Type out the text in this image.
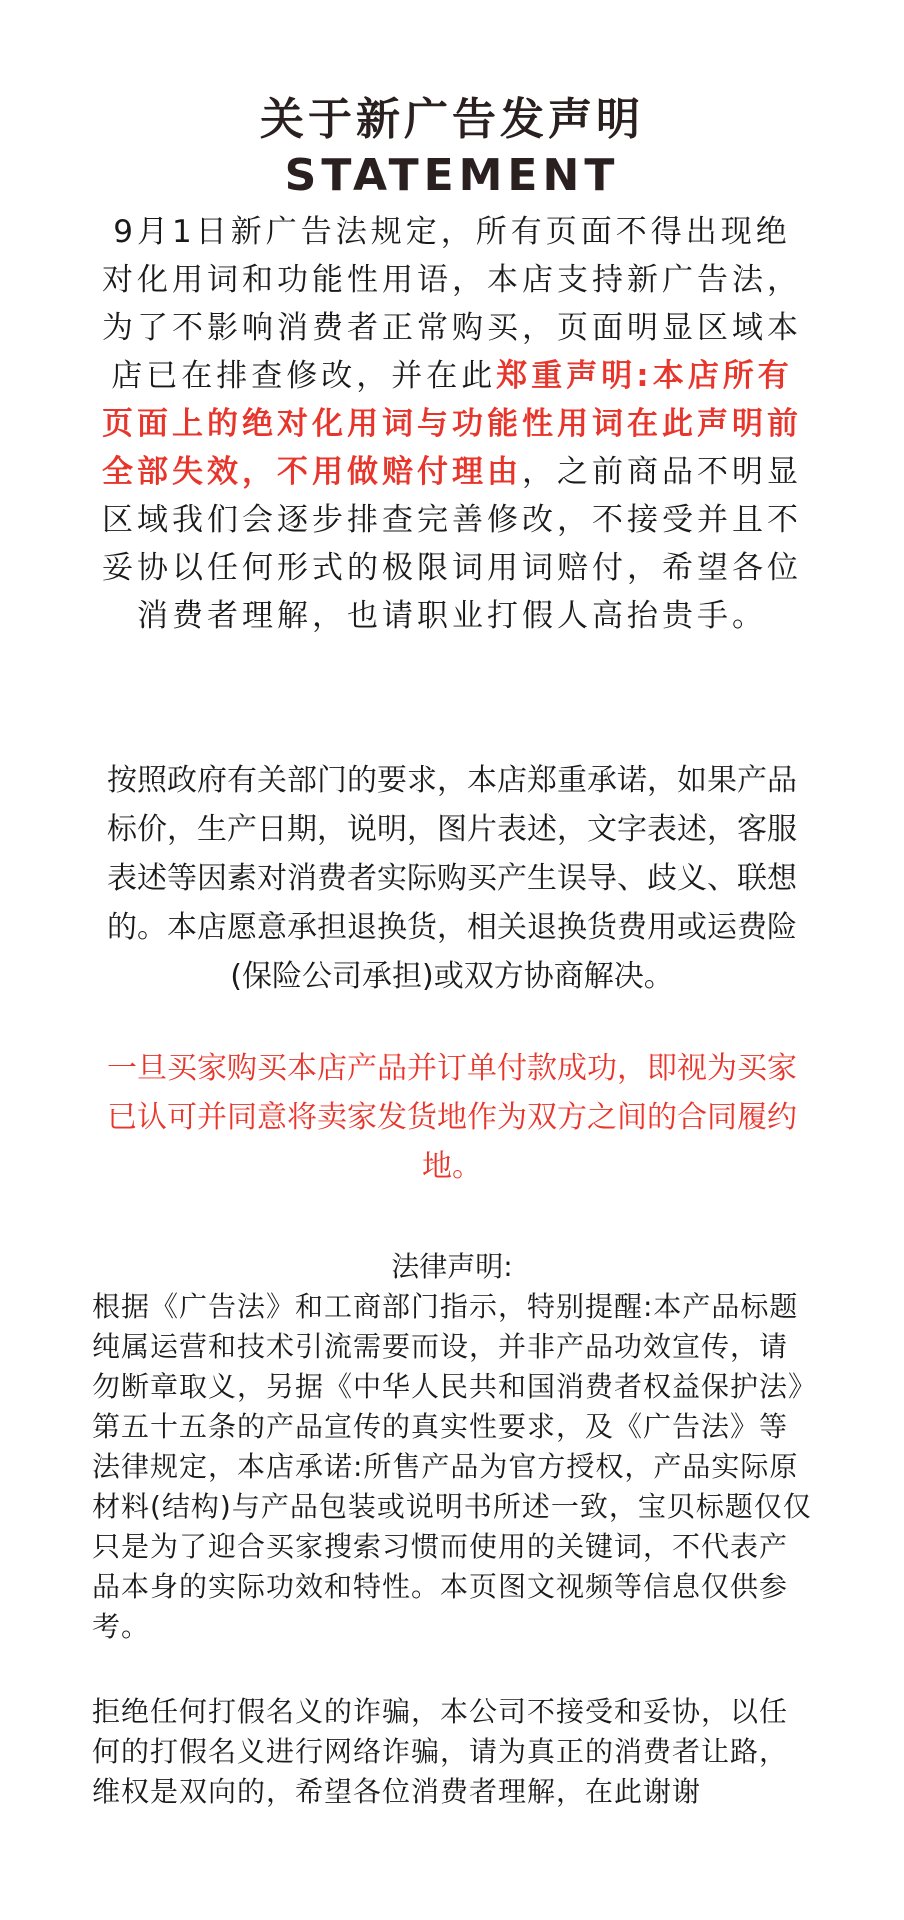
关于新广告发声明
STATEMENT
9月1日新广告法规定，所有页面不得出现绝对化用词和功能性用语，本店支持新广告法，为了不影响消费者正常购买，页面明显区域本店已在排查修改，并在此郑重声明:本店所有页面上的绝对化用词与功能性用词在此声明前全部失效，不用做赔付理由，之前商品不明显区域我们会逐步排查完善修改，不接受并且不妥协以任何形式的极限词用词赔付，希望各位消费者理解，也请职业打假人高抬贵手。
按照政府有关部门的要求，本店郑重承诺，如果产品标价，生产日期，说明，图片表述，文字表述，客服表述等因素对消费者实际购买产生误导、歧义、联想的。本店愿意承担退换货，相关退换货费用或运费险(保险公司承担)或双方协商解决。
一旦买家购买本店产品并订单付款成功，即视为买家已认可并同意将卖家发货地作为双方之间的合同履约地。
法律声明:
根据《广告法》和工商部门指示，特别提醒:本产品标题纯属运营和技术引流需要而设，并非产品功效宣传，请勿断章取义，另据《中华人民共和国消费者权益保护法》第五十五条的产品宣传的真实性要求，及《广告法》等法律规定，本店承诺:所售产品为官方授权，产品实际原材料(结构)与产品包装或说明书所述一致，宝贝标题仅仅只是为了迎合买家搜索习惯而使用的关键词，不代表产品本身的实际功效和特性。本页图文视频等信息仅供参考。
拒绝任何打假名义的诈骗，本公司不接受和妥协，以任何的打假名义进行网络诈骗，请为真正的消费者让路，维权是双向的，希望各位消费者理解，在此谢谢
